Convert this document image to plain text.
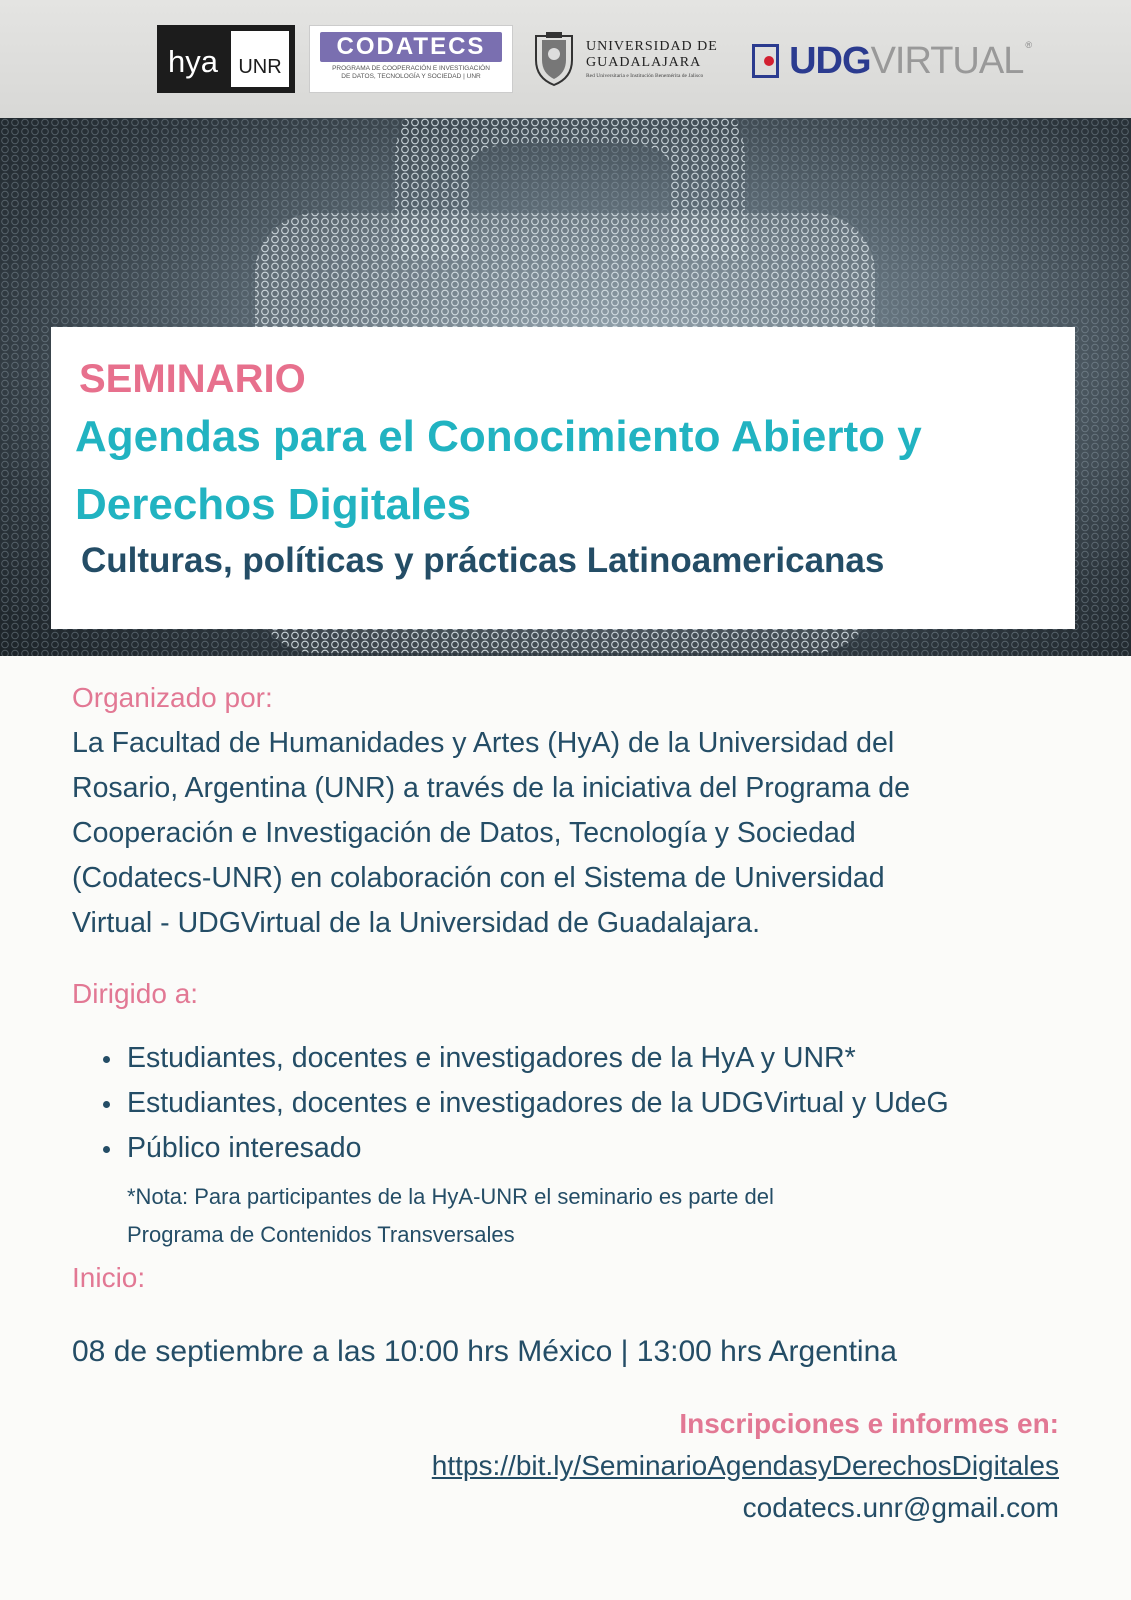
hya	UNR
CODATECS
PROGRAMA DE COOPERACIÓN E INVESTIGACIÓN
DE DATOS, TECNOLOGÍA Y SOCIEDAD | UNR
UNIVERSIDAD DE
GUADALAJARA
Red Universitaria e Institución Benemérita de Jalisco	UDGVIRTUAL ®
SEMINARIO
Agendas para el Conocimiento Abierto y Derechos Digitales
Culturas, políticas y prácticas Latinoamericanas
Organizado por:
La Facultad de Humanidades y Artes (HyA) de la Universidad del
Rosario, Argentina (UNR) a través de la iniciativa del Programa de
Cooperación e Investigación de Datos, Tecnología y Sociedad
(Codatecs-UNR) en colaboración con el Sistema de Universidad
Virtual - UDGVirtual de la Universidad de Guadalajara.
Dirigido a:
Estudiantes, docentes e investigadores de la HyA y UNR*
Estudiantes, docentes e investigadores de la UDGVirtual y UdeG
Público interesado
*Nota: Para participantes de la HyA-UNR el seminario es parte del
Programa de Contenidos Transversales
Inicio:
08 de septiembre a las 10:00 hrs México | 13:00 hrs Argentina
Inscripciones e informes en:
https://bit.ly/SeminarioAgendasyDerechosDigitales
codatecs.unr@gmail.com
